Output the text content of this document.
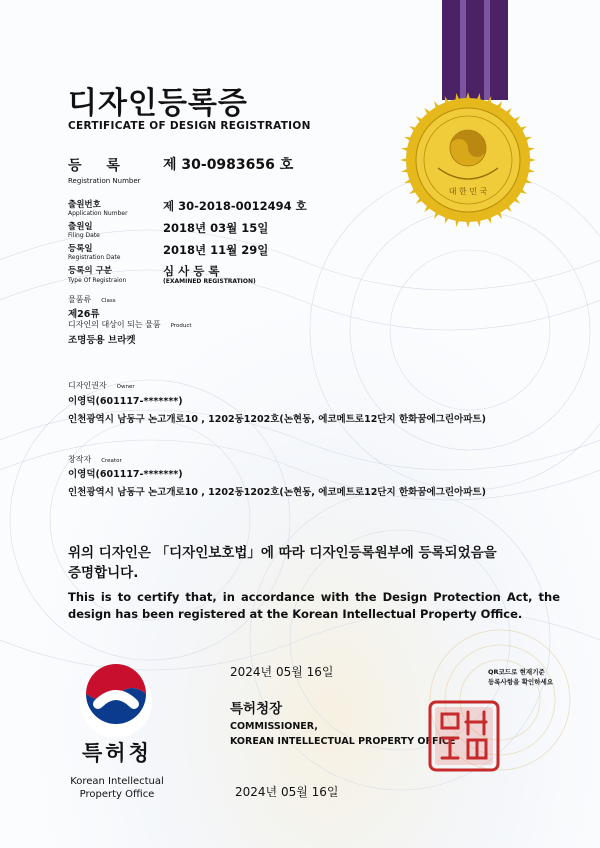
대 한 민 국
디자인등록증
CERTIFICATE OF DESIGN REGISTRATION
등 록 제 30-0983656 호
Registration Number
출원번호
Application Number
제 30-2018-0012494 호
출원일
Filing Date
2018년 03월 15일
등록일
Registration Date
2018년 11월 29일
등록의 구분
Type Of Registraion
심 사 등 록
(EXAMINED REGISTRATION)
물품류 Class
제26류
디자인의 대상이 되는 물품 Product
조명등용 브라켓
디자인권자 Owner
이영덕(601117-*******)
인천광역시 남동구 논고개로10 , 1202동1202호(논현동, 에코메트로12단지 한화꿈에그린아파트)
창작자 Creator
이영덕(601117-*******)
인천광역시 남동구 논고개로10 , 1202동1202호(논현동, 에코메트로12단지 한화꿈에그린아파트)
위의 디자인은 「디자인보호법」에 따라 디자인등록원부에 등록되었음을
증명합니다.
This is to certify that, in accordance with the Design Protection Act, the design has been registered at the Korean Intellectual Property Office.
2024년 05월 16일	QR코드로 현재기준
등록사항을 확인하세요
특허청장
COMMISSIONER,
KOREAN INTELLECTUAL PROPERTY OFFICE
2024년 05월 16일
특허청
Korean Intellectual Property Office
